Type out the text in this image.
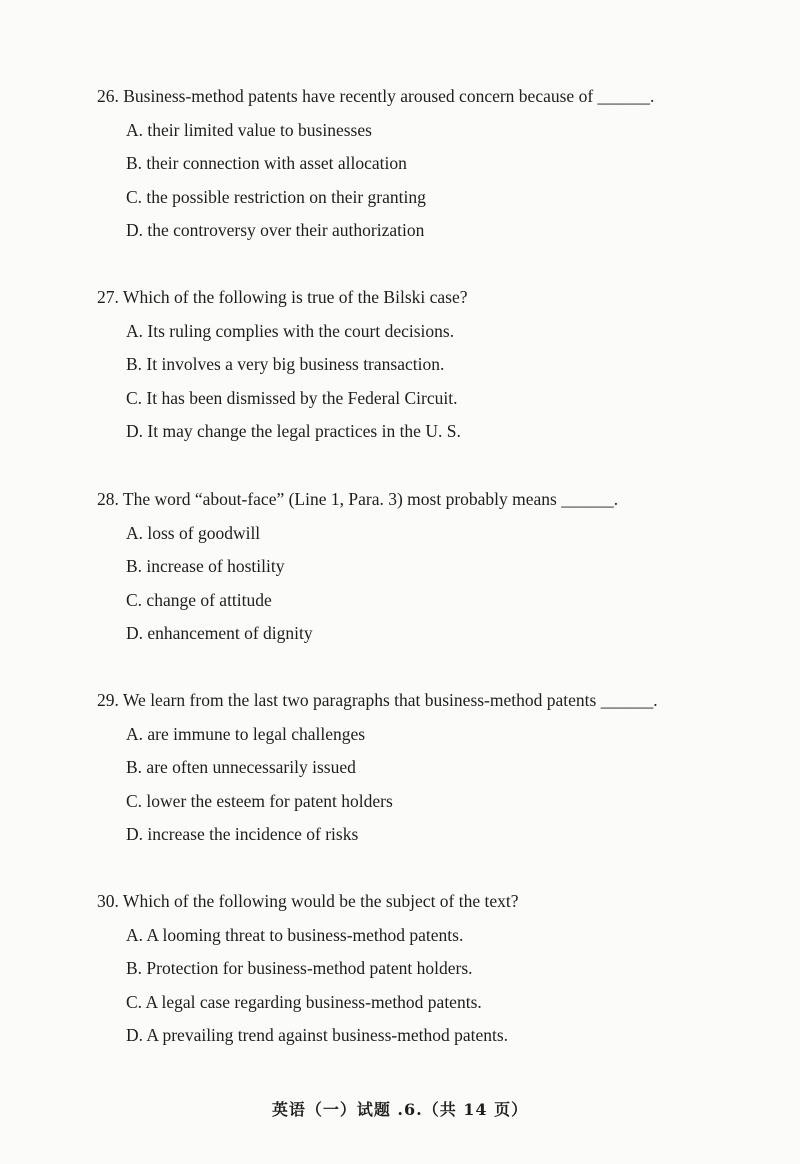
26. Business-method patents have recently aroused concern because of ______.
A. their limited value to businesses
B. their connection with asset allocation
C. the possible restriction on their granting
D. the controversy over their authorization
27. Which of the following is true of the Bilski case?
A. Its ruling complies with the court decisions.
B. It involves a very big business transaction.
C. It has been dismissed by the Federal Circuit.
D. It may change the legal practices in the U. S.
28. The word “about-face” (Line 1, Para. 3) most probably means ______.
A. loss of goodwill
B. increase of hostility
C. change of attitude
D. enhancement of dignity
29. We learn from the last two paragraphs that business-method patents ______.
A. are immune to legal challenges
B. are often unnecessarily issued
C. lower the esteem for patent holders
D. increase the incidence of risks
30. Which of the following would be the subject of the text?
A. A looming threat to business-method patents.
B. Protection for business-method patent holders.
C. A legal case regarding business-method patents.
D. A prevailing trend against business-method patents.
英语（一）试题 .6.（共 14 页）
